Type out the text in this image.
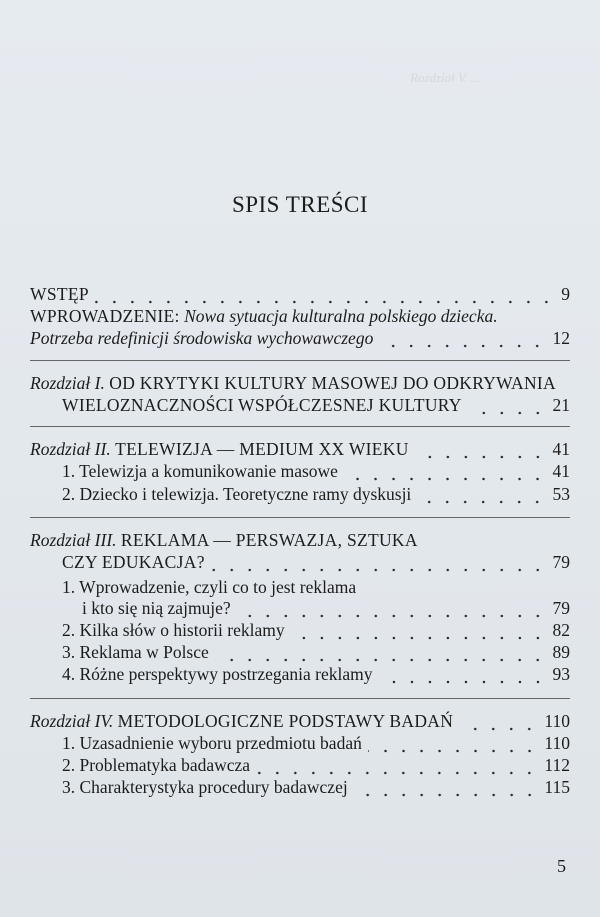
Rozdział V. ...
SPIS TREŚCI
WSTĘP	9
WPROWADZENIE: Nowa sytuacja kulturalna polskiego dziecka.
Potrzeba redefinicji środowiska wychowawczego	12
Rozdział I. OD KRYTYKI KULTURY MASOWEJ DO ODKRYWANIA
WIELOZNACZNOŚCI WSPÓŁCZESNEJ KULTURY	21
Rozdział II. TELEWIZJA — MEDIUM XX WIEKU	41
1. Telewizja a komunikowanie masowe	41
2. Dziecko i telewizja. Teoretyczne ramy dyskusji	53
Rozdział III. REKLAMA — PERSWAZJA, SZTUKA
CZY EDUKACJA?	79
1. Wprowadzenie, czyli co to jest reklama
i kto się nią zajmuje?	79
2. Kilka słów o historii reklamy	82
3. Reklama w Polsce	89
4. Różne perspektywy postrzegania reklamy	93
Rozdział IV. METODOLOGICZNE PODSTAWY BADAŃ	110
1. Uzasadnienie wyboru przedmiotu badań	110
2. Problematyka badawcza	112
3. Charakterystyka procedury badawczej	115
5
